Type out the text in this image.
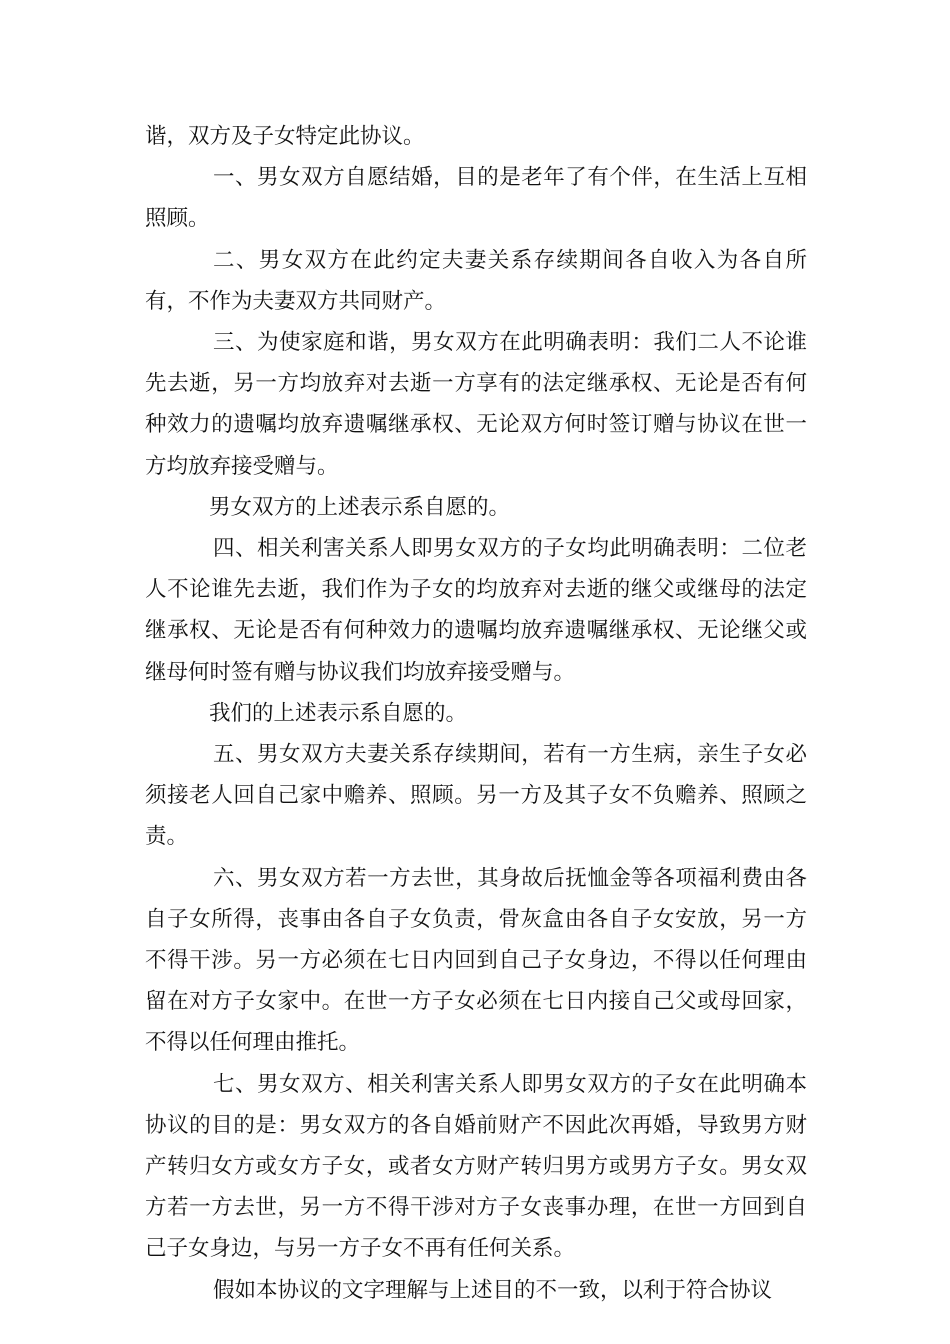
谐，双方及子女特定此协议。

一、男女双方自愿结婚，目的是老年了有个伴，在生活上互相照顾。

二、男女双方在此约定夫妻关系存续期间各自收入为各自所有，不作为夫妻双方共同财产。

三、为使家庭和谐，男女双方在此明确表明：我们二人不论谁先去逝，另一方均放弃对去逝一方享有的法定继承权、无论是否有何种效力的遗嘱均放弃遗嘱继承权、无论双方何时签订赠与协议在世一方均放弃接受赠与。

男女双方的上述表示系自愿的。

四、相关利害关系人即男女双方的子女均此明确表明：二位老人不论谁先去逝，我们作为子女的均放弃对去逝的继父或继母的法定继承权、无论是否有何种效力的遗嘱均放弃遗嘱继承权、无论继父或继母何时签有赠与协议我们均放弃接受赠与。

我们的上述表示系自愿的。

五、男女双方夫妻关系存续期间，若有一方生病，亲生子女必须接老人回自己家中赡养、照顾。另一方及其子女不负赡养、照顾之责。

六、男女双方若一方去世，其身故后抚恤金等各项福利费由各自子女所得，丧事由各自子女负责，骨灰盒由各自子女安放，另一方不得干涉。另一方必须在七日内回到自己子女身边，不得以任何理由留在对方子女家中。在世一方子女必须在七日内接自己父或母回家，不得以任何理由推托。

七、男女双方、相关利害关系人即男女双方的子女在此明确本协议的目的是：男女双方的各自婚前财产不因此次再婚，导致男方财产转归女方或女方子女，或者女方财产转归男方或男方子女。男女双方若一方去世，另一方不得干涉对方子女丧事办理，在世一方回到自己子女身边，与另一方子女不再有任何关系。

假如本协议的文字理解与上述目的不一致，以利于符合协议
